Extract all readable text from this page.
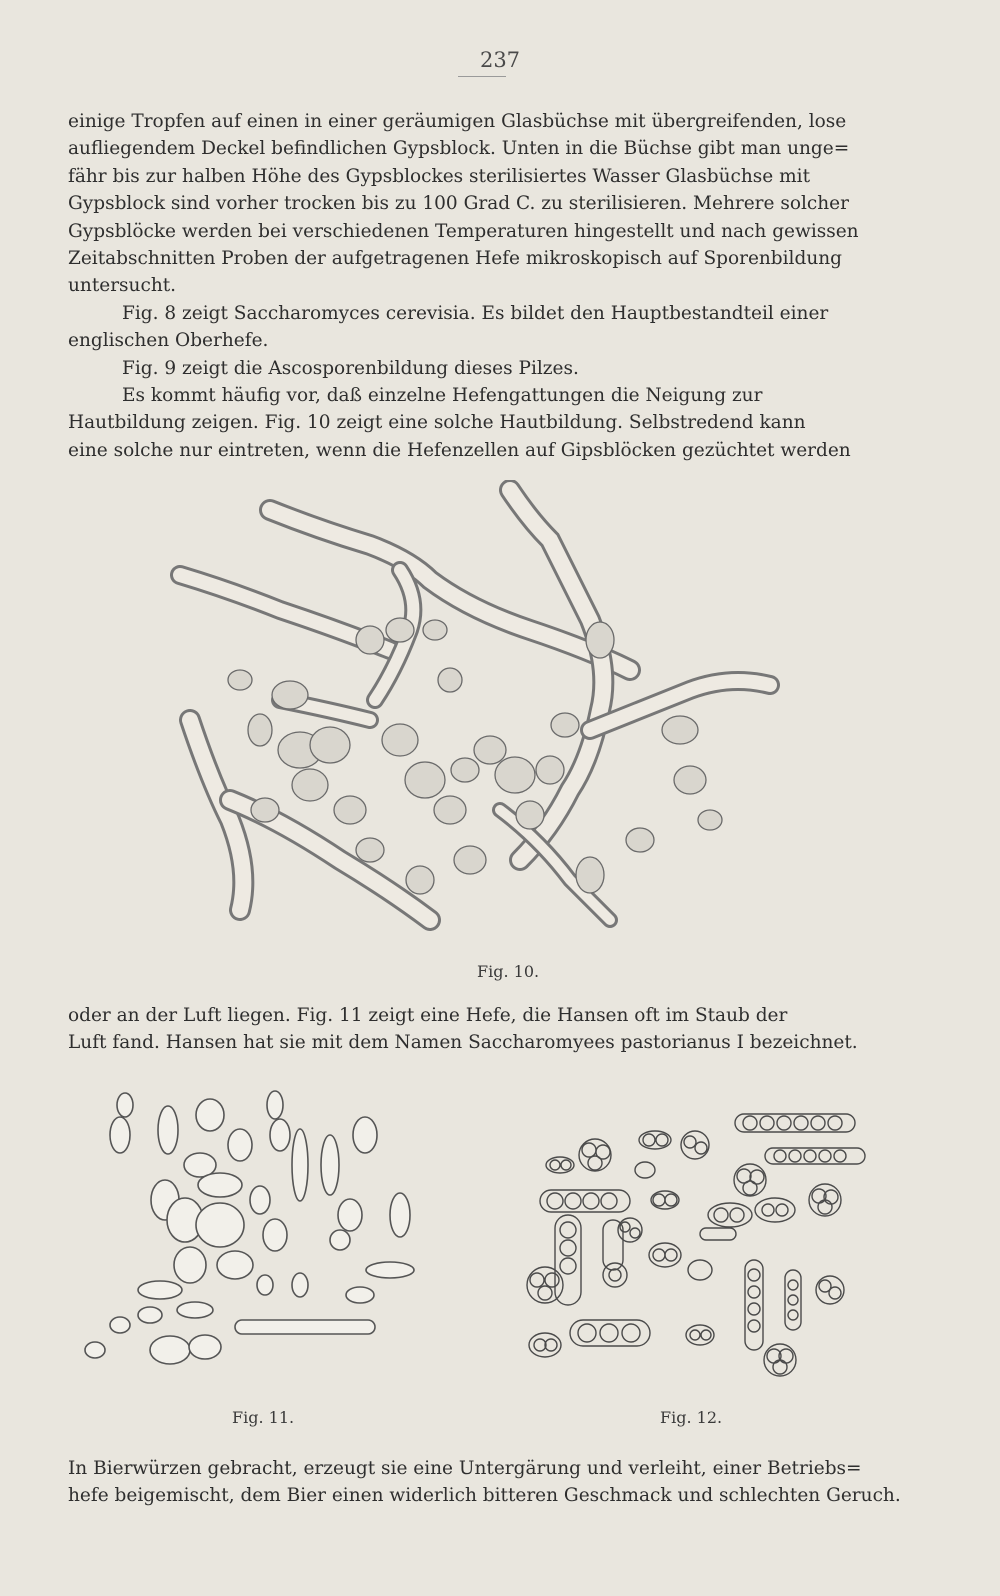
237

einige Tropfen auf einen in einer geräumigen Glasbüchse mit übergreifenden, lose
aufliegendem Deckel befindlichen Gypsblock. Unten in die Büchse gibt man unge=
fähr bis zur halben Höhe des Gypsblockes sterilisiertes Wasser Glasbüchse mit
Gypsblock sind vorher trocken bis zu 100 Grad C. zu sterilisieren. Mehrere solcher
Gypsblöcke werden bei verschiedenen Temperaturen hingestellt und nach gewissen
Zeitabschnitten Proben der aufgetragenen Hefe mikroskopisch auf Sporenbildung
untersucht.

Fig. 8 zeigt Saccharomyces cerevisia. Es bildet den Hauptbestandteil einer
englischen Oberhefe.

Fig. 9 zeigt die Ascosporenbildung dieses Pilzes.

Es kommt häufig vor, daß einzelne Hefengattungen die Neigung zur
Hautbildung zeigen. Fig. 10 zeigt eine solche Hautbildung. Selbstredend kann
eine solche nur eintreten, wenn die Hefenzellen auf Gipsblöcken gezüchtet werden

Fig. 10.

oder an der Luft liegen. Fig. 11 zeigt eine Hefe, die Hansen oft im Staub der
Luft fand. Hansen hat sie mit dem Namen Saccharomyees pastorianus I bezeichnet.

Fig. 11.	Fig. 12.

In Bierwürzen gebracht, erzeugt sie eine Untergärung und verleiht, einer Betriebs=
hefe beigemischt, dem Bier einen widerlich bitteren Geschmack und schlechten Geruch.
